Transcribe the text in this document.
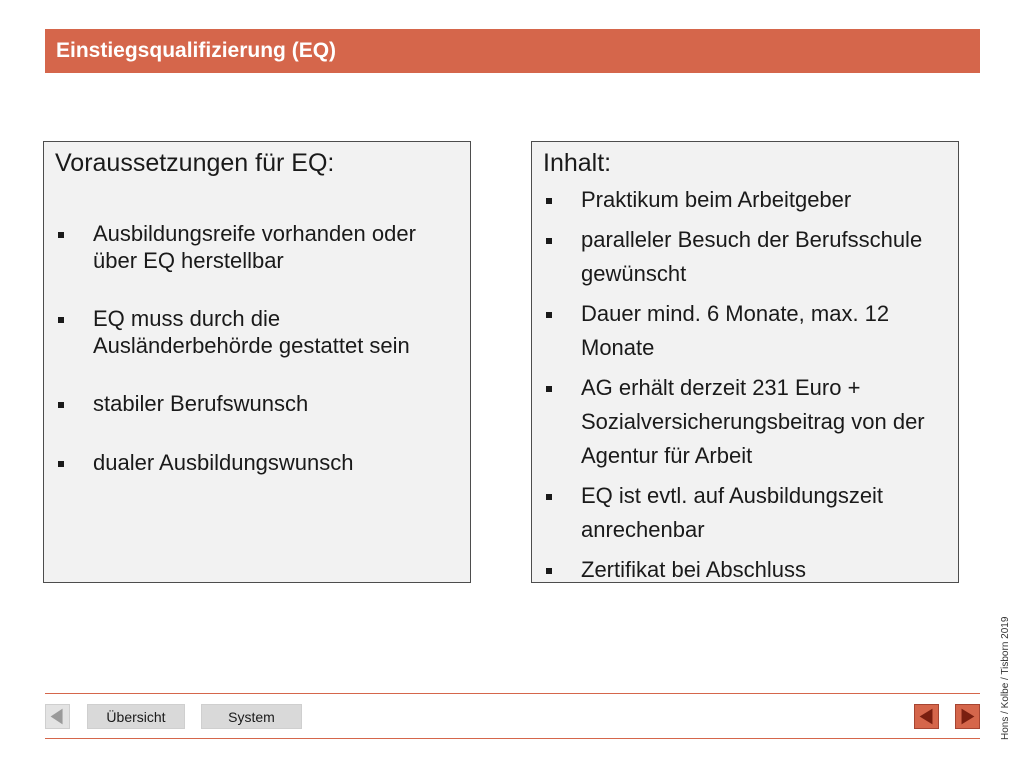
Einstiegsqualifizierung (EQ)
Voraussetzungen für EQ:
Ausbildungsreife vorhanden oder über EQ herstellbar
EQ muss durch die Ausländerbehörde gestattet sein
stabiler Berufswunsch
dualer Ausbildungswunsch
Inhalt:
Praktikum beim Arbeitgeber
paralleler Besuch der Berufsschule gewünscht
Dauer mind. 6 Monate, max. 12 Monate
AG erhält derzeit 231 Euro + Sozialversicherungsbeitrag von der Agentur für Arbeit
EQ ist evtl. auf Ausbildungszeit anrechenbar
Zertifikat bei Abschluss
Hons / Kolbe / Tisborn 2019
Übersicht	System
